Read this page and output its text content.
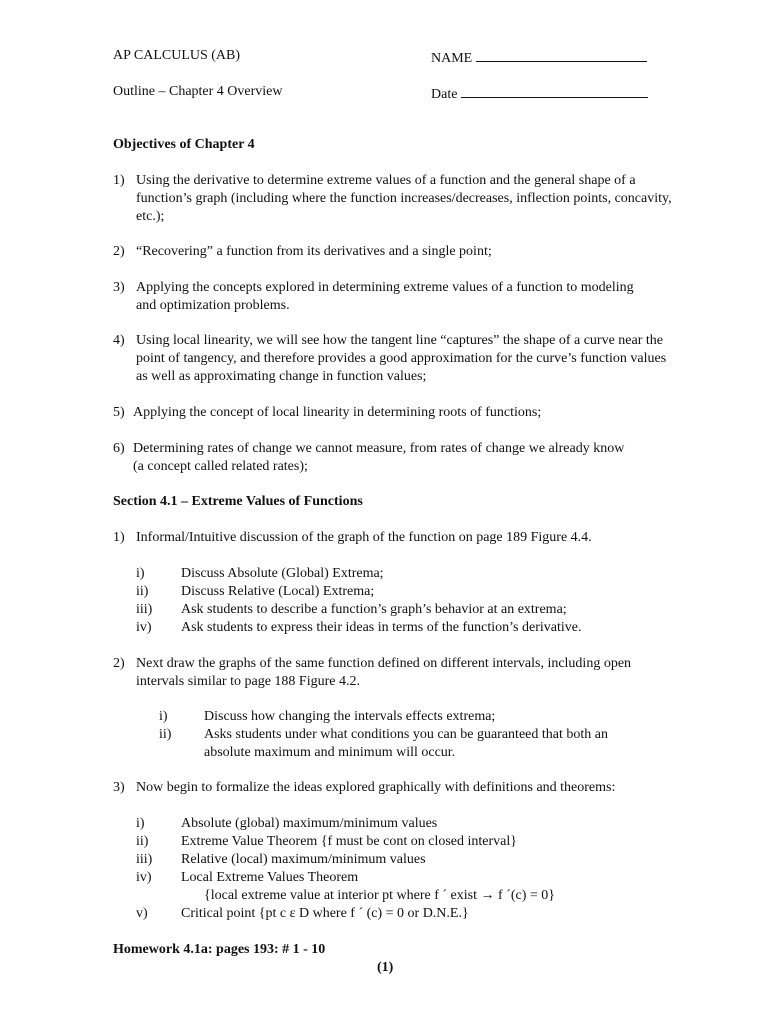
AP CALCULUS (AB)	NAME
Outline – Chapter 4 Overview	Date
Objectives of Chapter 4
1) Using the derivative to determine extreme values of a function and the general shape of a function’s graph (including where the function increases/decreases, inflection points, concavity, etc.);
2) “Recovering” a function from its derivatives and a single point;
3) Applying the concepts explored in determining extreme values of a function to modeling and optimization problems.
4) Using local linearity, we will see how the tangent line “captures” the shape of a curve near the point of tangency, and therefore provides a good approximation for the curve’s function values as well as approximating change in function values;
5) Applying the concept of local linearity in determining roots of functions;
6) Determining rates of change we cannot measure, from rates of change we already know (a concept called related rates);
Section 4.1 – Extreme Values of Functions
1) Informal/Intuitive discussion of the graph of the function on page 189 Figure 4.4.
i)	Discuss Absolute (Global) Extrema;
ii) Discuss Relative (Local) Extrema;
iii) Ask students to describe a function’s graph’s behavior at an extrema;
iv) Ask students to express their ideas in terms of the function’s derivative.
2) Next draw the graphs of the same function defined on different intervals, including open intervals similar to page 188 Figure 4.2.
i)	Discuss how changing the intervals effects extrema;
ii) Asks students under what conditions you can be guaranteed that both an absolute maximum and minimum will occur.
3) Now begin to formalize the ideas explored graphically with definitions and theorems:
i)	Absolute (global) maximum/minimum values
ii) Extreme Value Theorem {f must be cont on closed interval}
iii) Relative (local) maximum/minimum values
iv) Local Extreme Values Theorem
{local extreme value at interior pt where f ´ exist → f ´(c) = 0}
v) Critical point {pt c ε D where f ´ (c) = 0 or D.N.E.}
Homework 4.1a: pages 193: # 1 - 10
(1)
